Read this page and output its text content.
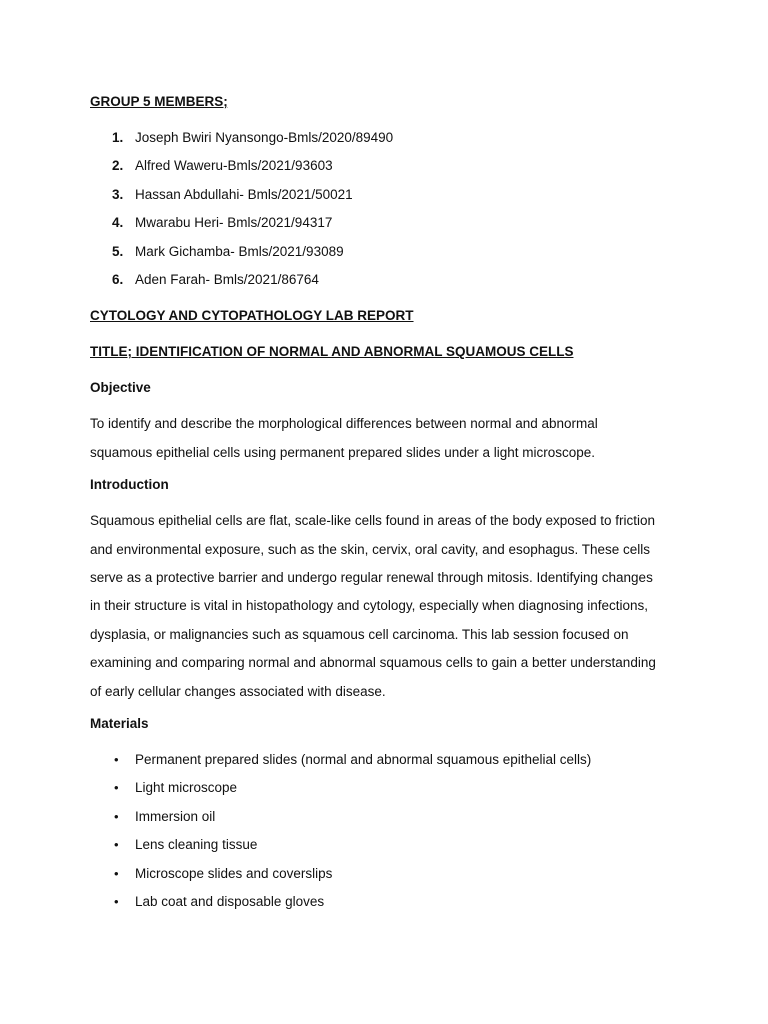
GROUP 5 MEMBERS;

1. Joseph Bwiri Nyansongo-Bmls/2020/89490
2. Alfred Waweru-Bmls/2021/93603
3. Hassan Abdullahi- Bmls/2021/50021
4. Mwarabu Heri- Bmls/2021/94317
5. Mark Gichamba- Bmls/2021/93089
6. Aden Farah- Bmls/2021/86764

CYTOLOGY AND CYTOPATHOLOGY LAB REPORT

TITLE; IDENTIFICATION OF NORMAL AND ABNORMAL SQUAMOUS CELLS

Objective

To identify and describe the morphological differences between normal and abnormal

squamous epithelial cells using permanent prepared slides under a light microscope.

Introduction

Squamous epithelial cells are flat, scale-like cells found in areas of the body exposed to friction

and environmental exposure, such as the skin, cervix, oral cavity, and esophagus. These cells

serve as a protective barrier and undergo regular renewal through mitosis. Identifying changes

in their structure is vital in histopathology and cytology, especially when diagnosing infections,

dysplasia, or malignancies such as squamous cell carcinoma. This lab session focused on

examining and comparing normal and abnormal squamous cells to gain a better understanding

of early cellular changes associated with disease.

Materials

• Permanent prepared slides (normal and abnormal squamous epithelial cells)
• Light microscope
• Immersion oil
• Lens cleaning tissue
• Microscope slides and coverslips
• Lab coat and disposable gloves
